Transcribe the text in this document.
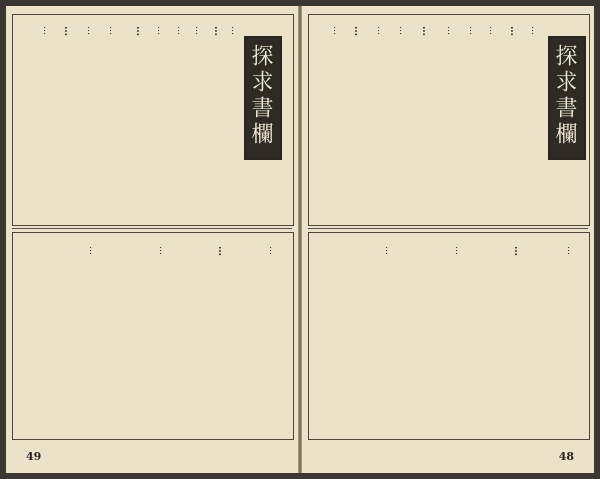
探求書欄
…
…
…
…
…
…
…
…
…
…
…
…
…
…
49
探求書欄
…
…
…
…
…
…
…
…
…
…
…
…
…
…
48
